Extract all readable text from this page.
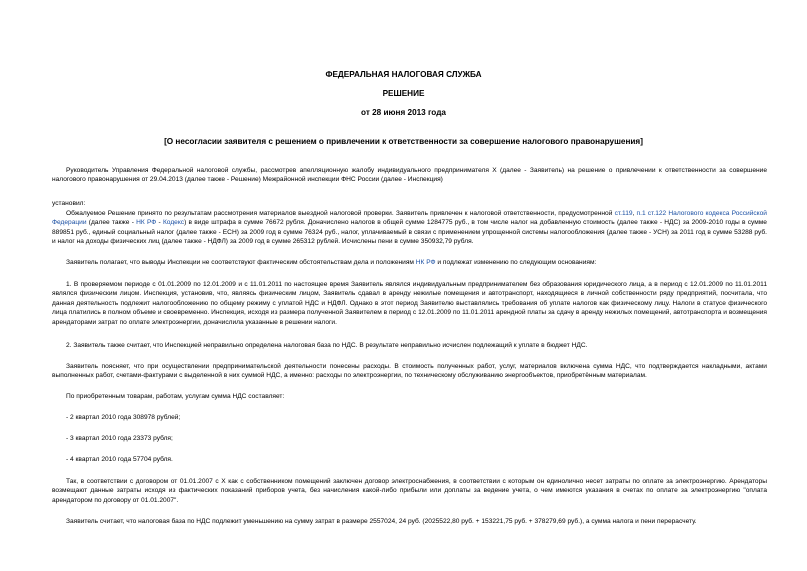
ФЕДЕРАЛЬНАЯ НАЛОГОВАЯ СЛУЖБА

РЕШЕНИЕ

от 28 июня 2013 года

[О несогласии заявителя с решением о привлечении к ответственности за совершение налогового правонарушения]

Руководитель Управления Федеральной налоговой службы, рассмотрев апелляционную жалобу индивидуального предпринимателя Х (далее - Заявитель) на решение о привлечении к ответственности за совершение налогового правонарушения от 29.04.2013 (далее также - Решение) Межрайонной инспекции ФНС России (далее - Инспекция)

установил:

Обжалуемое Решение принято по результатам рассмотрения материалов выездной налоговой проверки. Заявитель привлечен к налоговой ответственности, предусмотренной ст.119, п.1 ст.122 Налогового кодекса Российской Федерации (далее также - НК РФ - Кодекс) в виде штрафа в сумме 76672 рубля. Доначислено налогов в общей сумме 1284775 руб., в том числе налог на добавленную стоимость (далее также - НДС) за 2009-2010 годы в сумме 889851 руб., единый социальный налог (далее также - ЕСН) за 2009 год в сумме 76324 руб., налог, уплачиваемый в связи с применением упрощенной системы налогообложения (далее также - УСН) за 2011 год в сумме 53288 руб. и налог на доходы физических лиц (далее также - НДФЛ) за 2009 год в сумме 265312 рублей. Исчислены пени в сумме 350932,79 рубля.

Заявитель полагает, что выводы Инспекции не соответствуют фактическим обстоятельствам дела и положениям НК РФ и подлежат изменению по следующим основаниям:

1. В проверяемом периоде с 01.01.2009 по 12.01.2009 и с 11.01.2011 по настоящее время Заявитель являлся индивидуальным предпринимателем без образования юридического лица, а в период с 12.01.2009 по 11.01.2011 являлся физическим лицом. Инспекция, установив, что, являясь физическим лицом, Заявитель сдавал в аренду нежилые помещения и автотранспорт, находящиеся в личной собственности ряду предприятий, посчитала, что данная деятельность подлежит налогообложению по общему режиму с уплатой НДС и НДФЛ. Однако в этот период Заявителю выставлялись требования об уплате налогов как физическому лицу. Налоги в статусе физического лица платились в полном объеме и своевременно. Инспекция, исходя из размера полученной Заявителем в период с 12.01.2009 по 11.01.2011 арендной платы за сдачу в аренду нежилых помещений, автотранспорта и возмещения арендаторами затрат по оплате электроэнергии, доначислила указанные в решении налоги.

2. Заявитель также считает, что Инспекцией неправильно определена налоговая база по НДС. В результате неправильно исчислен подлежащий к уплате в бюджет НДС.

Заявитель поясняет, что при осуществлении предпринимательской деятельности понесены расходы. В стоимость полученных работ, услуг, материалов включена сумма НДС, что подтверждается накладными, актами выполненных работ, счетами-фактурами с выделенной в них суммой НДС, а именно: расходы по электроэнергии, по техническому обслуживанию энергообъектов, приобретённым материалам.

По приобретенным товарам, работам, услугам сумма НДС составляет:

- 2 квартал 2010 года 308978 рублей;

- 3 квартал 2010 года 23373 рубля;

- 4 квартал 2010 года 57704 рубля.

Так, в соответствии с договором от 01.01.2007 с Х как с собственником помещений заключен договор электроснабжения, в соответствии с которым он единолично несет затраты по оплате за электроэнергию. Арендаторы возмещают данные затраты исходя из фактических показаний приборов учета, без начисления какой-либо прибыли или доплаты за ведение учета, о чем имеются указания в счетах по оплате за электроэнергию "оплата арендатором по договору от 01.01.2007".

Заявитель считает, что налоговая база по НДС подлежит уменьшению на сумму затрат в размере 2557024, 24 руб. (2025522,80 руб. + 153221,75 руб. + 378279,69 руб.), а сумма налога и пени перерасчету.
